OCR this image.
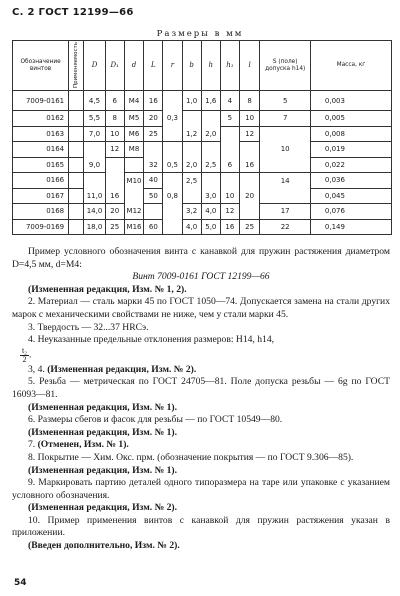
С. 2 ГОСТ 12199—66
Размеры в мм
Обозначение винтов	Применяемость	D	D₁	d	L	r	b	h	h₁	l	S (поле) допуска h14)	Масса, кг
7009-0161		4,5	6	M4	16		1,0	1,6	4	8	5	0,003
0162		5,5	8	M5	20	0,3			5	10	7	0,005
0163		7,0	10	M6	25		1,2	2,0		12		0,008
0164			12	M8							10	0,019
0165		9,0			32	0,5	2,0	2,5	6	16		0,022
0166				M10	40		2,5				14	0,036
0167		11,0	16		50	0,8		3,0	10	20		0,045
0168		14,0	20	M12			3,2	4,0	12		17	0,076
7009-0169		18,0	25	M16	60		4,0	5,0	16	25	22	0,149

Пример условного обозначения винта с канавкой для пружин растяжения диаметром D=4,5 мм, d=M4:

Винт 7009-0161 ГОСТ 12199—66

(Измененная редакция, Изм. № 1, 2).

2. Материал — сталь марки 45 по ГОСТ 1050—74. Допускается замена на стали других марок с механическими свойствами не ниже, чем у стали марки 45.

3. Твердость — 32...37 HRCэ.

4. Неуказанные предельные отклонения размеров: H14, h14,

$\frac{\text{t₂}}{2}$ .

3, 4. (Измененная редакция, Изм. № 2).

5. Резьба — метрическая по ГОСТ 24705—81. Поле допуска резьбы — 6g по ГОСТ 16093—81.

(Измененная редакция, Изм. № 1).

6. Размеры сбегов и фасок для резьбы — по ГОСТ 10549—80.

(Измененная редакция, Изм. № 1).

7. (Отменен, Изм. № 1).

8. Покрытие — Хим. Окс. прм. (обозначение покрытия — по ГОСТ 9.306—85).

(Измененная редакция, Изм. № 1).

9. Маркировать партию деталей одного типоразмера на таре или упаковке с указанием условного обозначения.

(Измененная редакция, Изм. № 2).

10. Пример применения винтов с канавкой для пружин растяжения указан в приложении.

(Введен дополнительно, Изм. № 2).

54
